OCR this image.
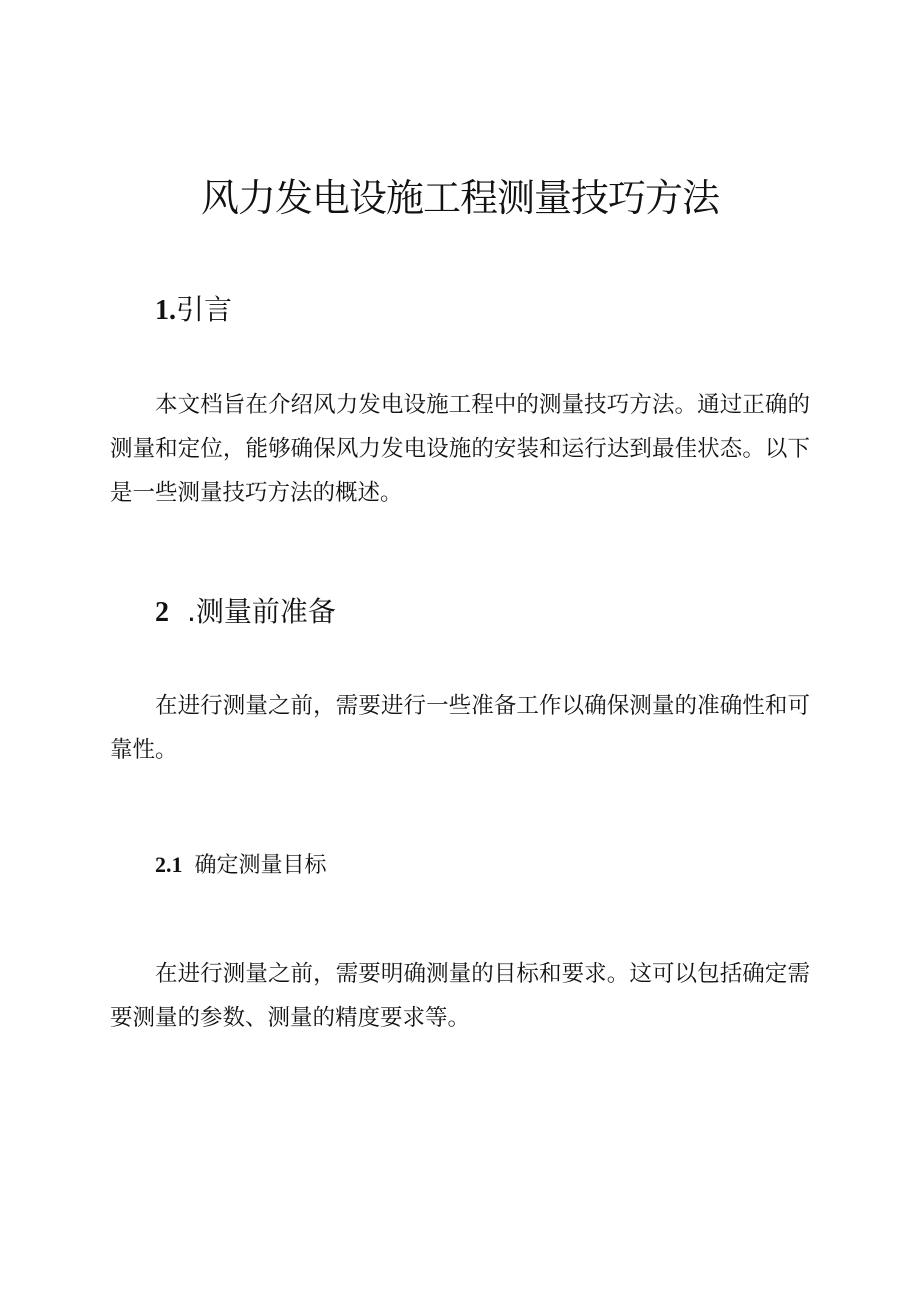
风力发电设施工程测量技巧方法
1.引言

本文档旨在介绍风力发电设施工程中的测量技巧方法。通过正确的测量和定位，能够确保风力发电设施的安装和运行达到最佳状态。以下是一些测量技巧方法的概述。

2 .测量前准备

在进行测量之前，需要进行一些准备工作以确保测量的准确性和可靠性。

2.1 确定测量目标

在进行测量之前，需要明确测量的目标和要求。这可以包括确定需要测量的参数、测量的精度要求等。
